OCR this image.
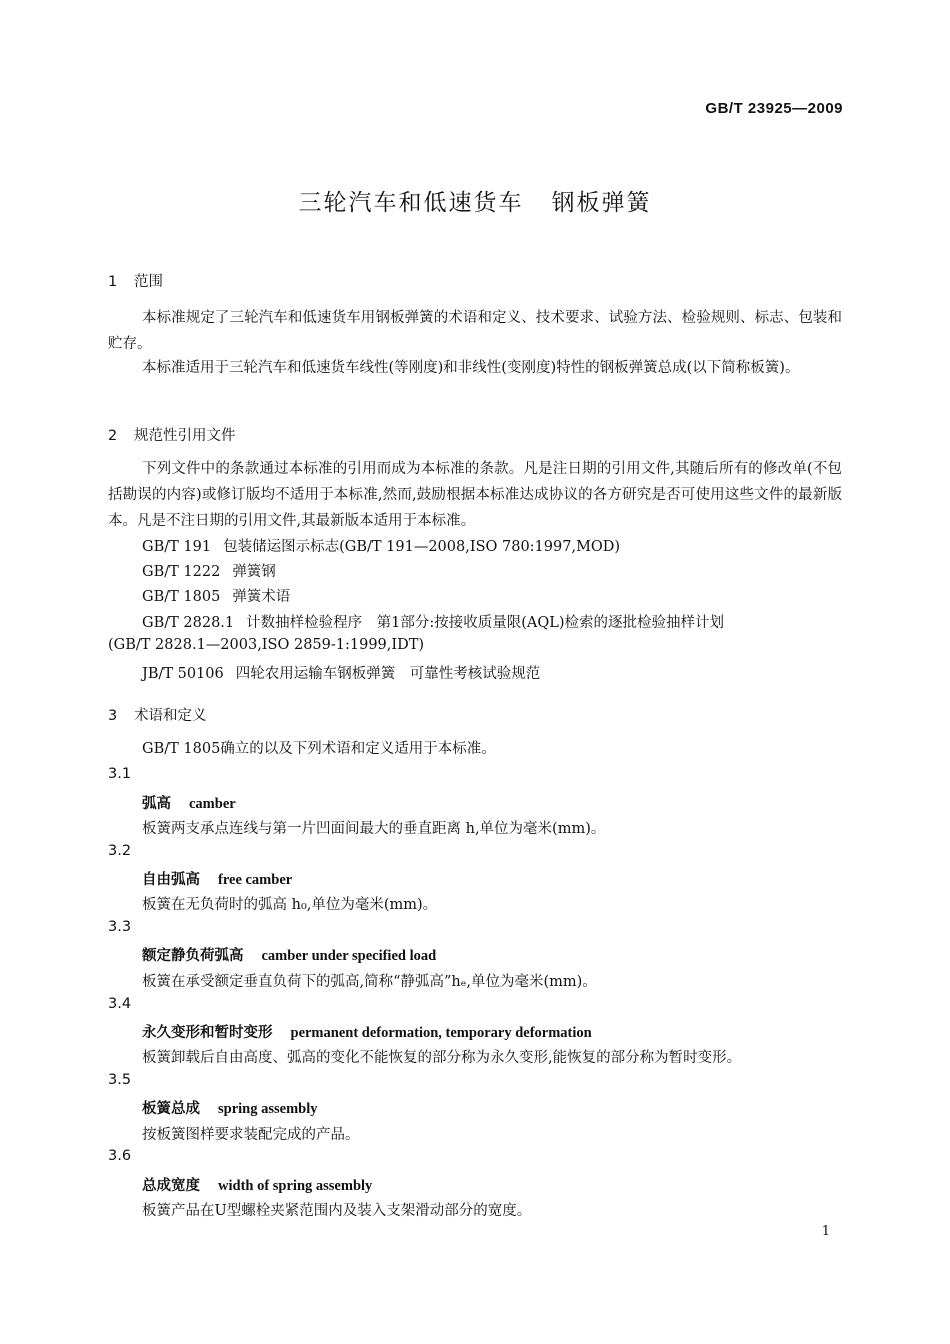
GB/T 23925—2009
三轮汽车和低速货车 钢板弹簧
1 范围
本标准规定了三轮汽车和低速货车用钢板弹簧的术语和定义、技术要求、试验方法、检验规则、标志、包装和贮存。
本标准适用于三轮汽车和低速货车线性(等刚度)和非线性(变刚度)特性的钢板弹簧总成(以下简称板簧)。
2 规范性引用文件
下列文件中的条款通过本标准的引用而成为本标准的条款。凡是注日期的引用文件,其随后所有的修改单(不包括勘误的内容)或修订版均不适用于本标准,然而,鼓励根据本标准达成协议的各方研究是否可使用这些文件的最新版本。凡是不注日期的引用文件,其最新版本适用于本标准。
GB/T 191 包装储运图示标志(GB/T 191—2008,ISO 780:1997,MOD)
GB/T 1222 弹簧钢
GB/T 1805 弹簧术语
GB/T 2828.1 计数抽样检验程序　第1部分:按接收质量限(AQL)检索的逐批检验抽样计划
(GB/T 2828.1—2003,ISO 2859-1:1999,IDT)
JB/T 50106 四轮农用运输车钢板弹簧　可靠性考核试验规范
3 术语和定义
GB/T 1805确立的以及下列术语和定义适用于本标准。
3.1
弧高 camber
板簧两支承点连线与第一片凹面间最大的垂直距离 h,单位为毫米(mm)。
3.2
自由弧高 free camber
板簧在无负荷时的弧高 h₀,单位为毫米(mm)。
3.3
额定静负荷弧高 camber under specified load
板簧在承受额定垂直负荷下的弧高,简称“静弧高”hₑ,单位为毫米(mm)。
3.4
永久变形和暂时变形 permanent deformation, temporary deformation
板簧卸载后自由高度、弧高的变化不能恢复的部分称为永久变形,能恢复的部分称为暂时变形。
3.5
板簧总成 spring assembly
按板簧图样要求装配完成的产品。
3.6
总成宽度 width of spring assembly
板簧产品在U型螺栓夹紧范围内及装入支架滑动部分的宽度。
1
